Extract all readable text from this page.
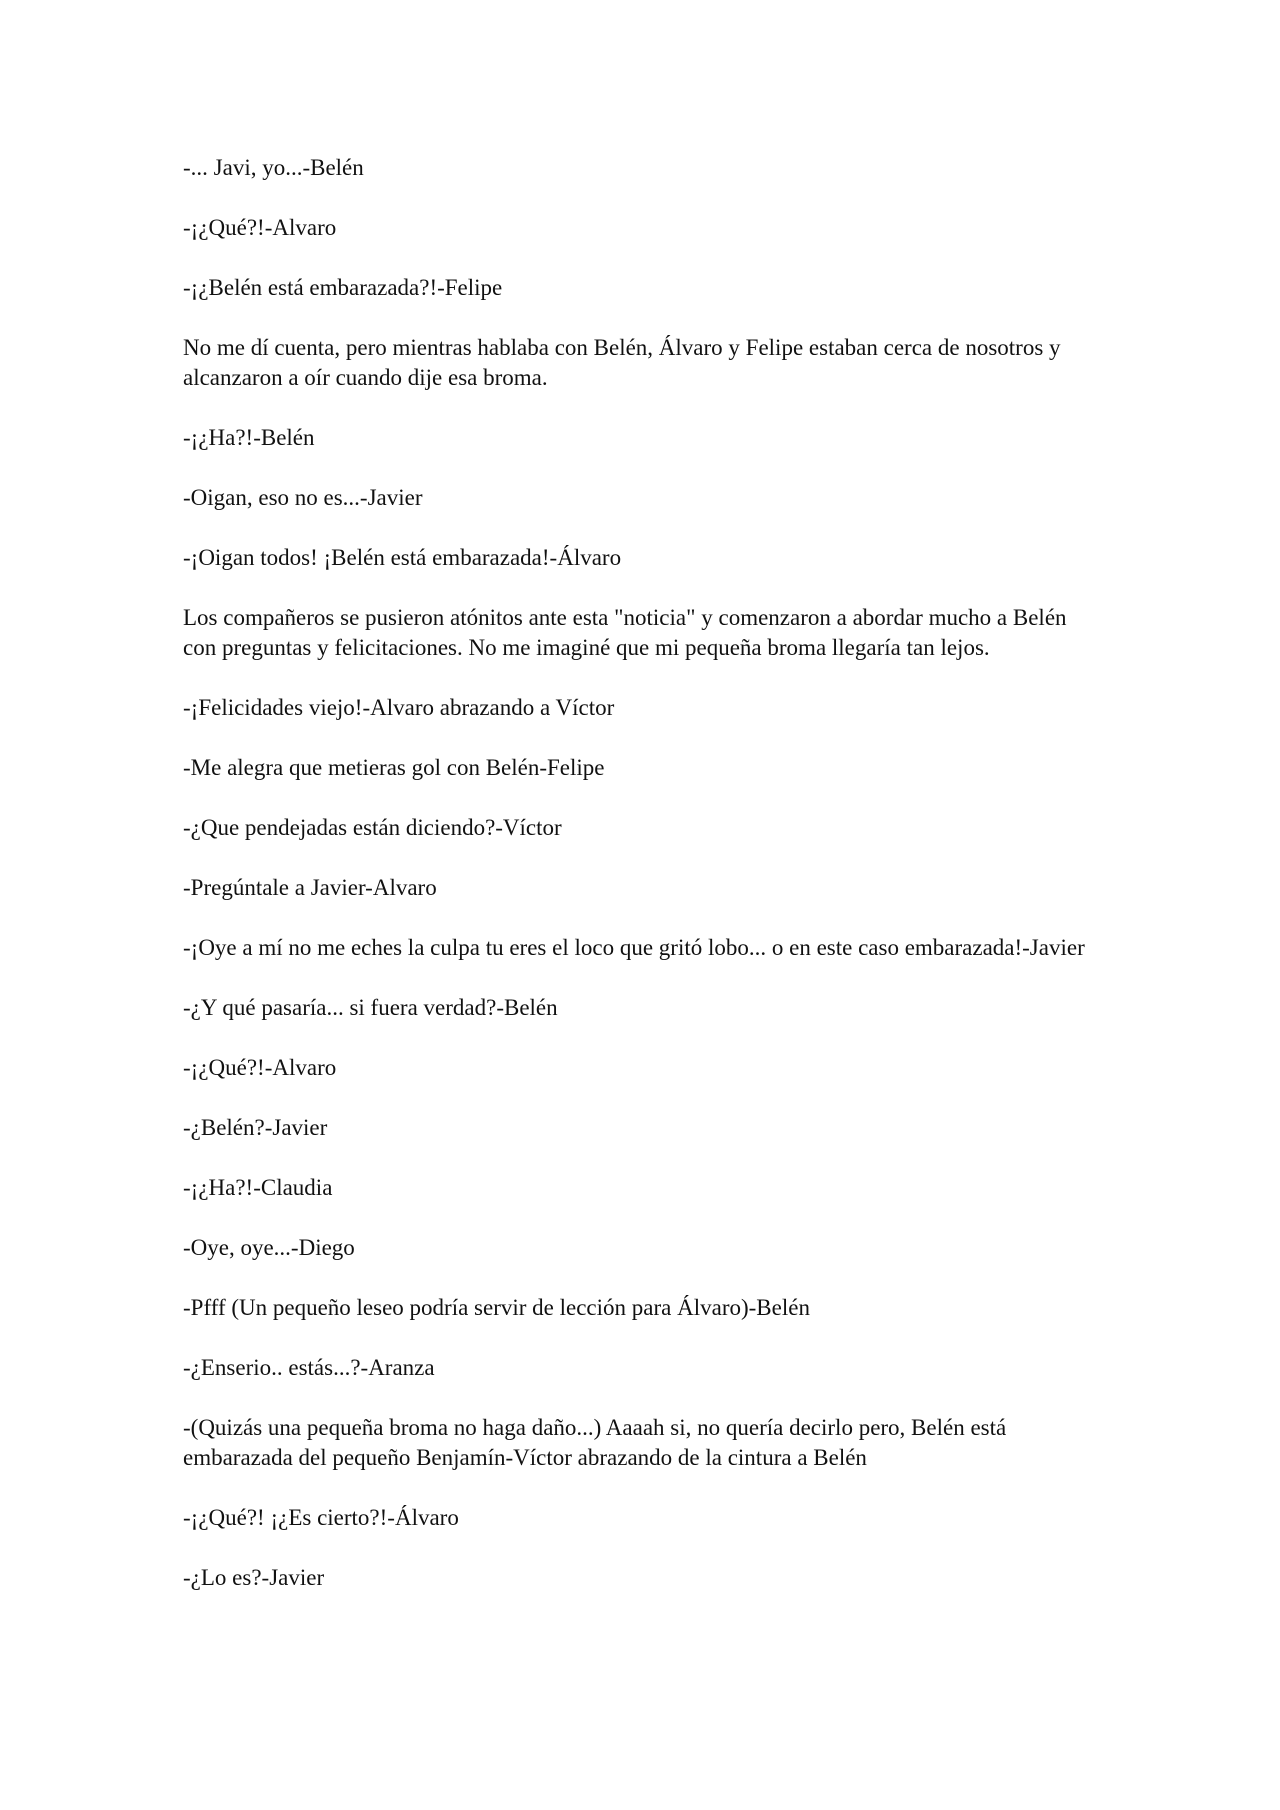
-... Javi, yo...-Belén

-¡¿Qué?!-Alvaro

-¡¿Belén está embarazada?!-Felipe

No me dí cuenta, pero mientras hablaba con Belén, Álvaro y Felipe estaban cerca de nosotros y alcanzaron a oír cuando dije esa broma.

-¡¿Ha?!-Belén

-Oigan, eso no es...-Javier

-¡Oigan todos! ¡Belén está embarazada!-Álvaro

Los compañeros se pusieron atónitos ante esta "noticia" y comenzaron a abordar mucho a Belén con preguntas y felicitaciones. No me imaginé que mi pequeña broma llegaría tan lejos.

-¡Felicidades viejo!-Alvaro abrazando a Víctor

-Me alegra que metieras gol con Belén-Felipe

-¿Que pendejadas están diciendo?-Víctor

-Pregúntale a Javier-Alvaro

-¡Oye a mí no me eches la culpa tu eres el loco que gritó lobo... o en este caso embarazada!-Javier

-¿Y qué pasaría... si fuera verdad?-Belén

-¡¿Qué?!-Alvaro

-¿Belén?-Javier

-¡¿Ha?!-Claudia

-Oye, oye...-Diego

-Pfff (Un pequeño leseo podría servir de lección para Álvaro)-Belén

-¿Enserio.. estás...?-Aranza

-(Quizás una pequeña broma no haga daño...) Aaaah si, no quería decirlo pero, Belén está embarazada del pequeño Benjamín-Víctor abrazando de la cintura a Belén

-¡¿Qué?! ¡¿Es cierto?!-Álvaro

-¿Lo es?-Javier
